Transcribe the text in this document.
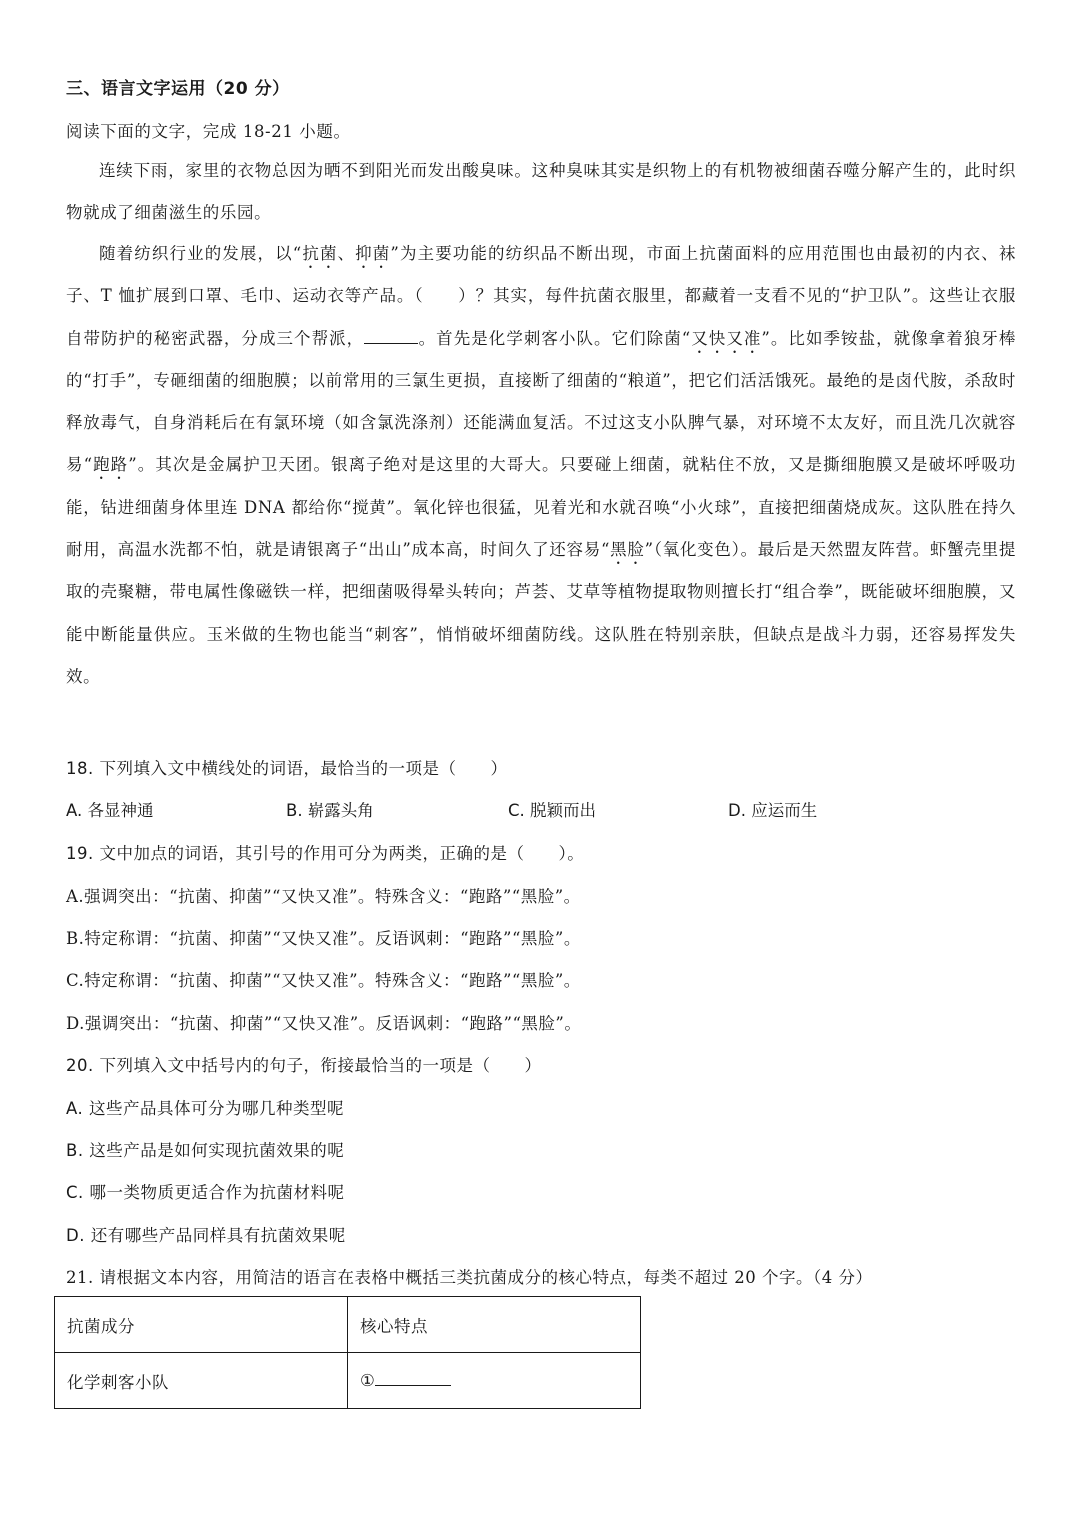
三、语言文字运用（20 分）
阅读下面的文字，完成 18-21 小题。
连续下雨，家里的衣物总因为晒不到阳光而发出酸臭味。这种臭味其实是织物上的有机物被细菌吞噬分解产生的，此时织物就成了细菌滋生的乐园。
随着纺织行业的发展，以“抗菌、抑菌”为主要功能的纺织品不断出现，市面上抗菌面料的应用范围也由最初的内衣、袜子、T 恤扩展到口罩、毛巾、运动衣等产品。（　　）？其实，每件抗菌衣服里，都藏着一支看不见的“护卫队”。这些让衣服自带防护的秘密武器，分成三个帮派，	。首先是化学刺客小队。它们除菌“又快又准”。比如季铵盐，就像拿着狼牙棒的“打手”，专砸细菌的细胞膜；以前常用的三氯生更损，直接断了细菌的“粮道”，把它们活活饿死。最绝的是卤代胺，杀敌时释放毒气，自身消耗后在有氯环境（如含氯洗涤剂）还能满血复活。不过这支小队脾气暴，对环境不太友好，而且洗几次就容易“跑路”。其次是金属护卫天团。银离子绝对是这里的大哥大。只要碰上细菌，就粘住不放，又是撕细胞膜又是破坏呼吸功能，钻进细菌身体里连 DNA 都给你“搅黄”。氧化锌也很猛，见着光和水就召唤“小火球”，直接把细菌烧成灰。这队胜在持久耐用，高温水洗都不怕，就是请银离子“出山”成本高，时间久了还容易“黑脸”（氧化变色）。最后是天然盟友阵营。虾蟹壳里提取的壳聚糖，带电属性像磁铁一样，把细菌吸得晕头转向；芦荟、艾草等植物提取物则擅长打“组合拳”，既能破坏细胞膜，又能中断能量供应。玉米做的生物也能当“刺客”，悄悄破坏细菌防线。这队胜在特别亲肤，但缺点是战斗力弱，还容易挥发失效。
18. 下列填入文中横线处的词语，最恰当的一项是（　　）
A. 各显神通	B. 崭露头角	C. 脱颖而出	D. 应运而生
19. 文中加点的词语，其引号的作用可分为两类，正确的是（　　）。
A.强调突出：“抗菌、抑菌”“又快又准”。特殊含义：“跑路”“黑脸”。
B.特定称谓：“抗菌、抑菌”“又快又准”。反语讽刺：“跑路”“黑脸”。
C.特定称谓：“抗菌、抑菌”“又快又准”。特殊含义：“跑路”“黑脸”。
D.强调突出：“抗菌、抑菌”“又快又准”。反语讽刺：“跑路”“黑脸”。
20. 下列填入文中括号内的句子，衔接最恰当的一项是（　　）
A. 这些产品具体可分为哪几种类型呢
B. 这些产品是如何实现抗菌效果的呢
C. 哪一类物质更适合作为抗菌材料呢
D. 还有哪些产品同样具有抗菌效果呢
21. 请根据文本内容，用简洁的语言在表格中概括三类抗菌成分的核心特点，每类不超过 20 个字。（4 分）
抗菌成分	核心特点
化学刺客小队	①
